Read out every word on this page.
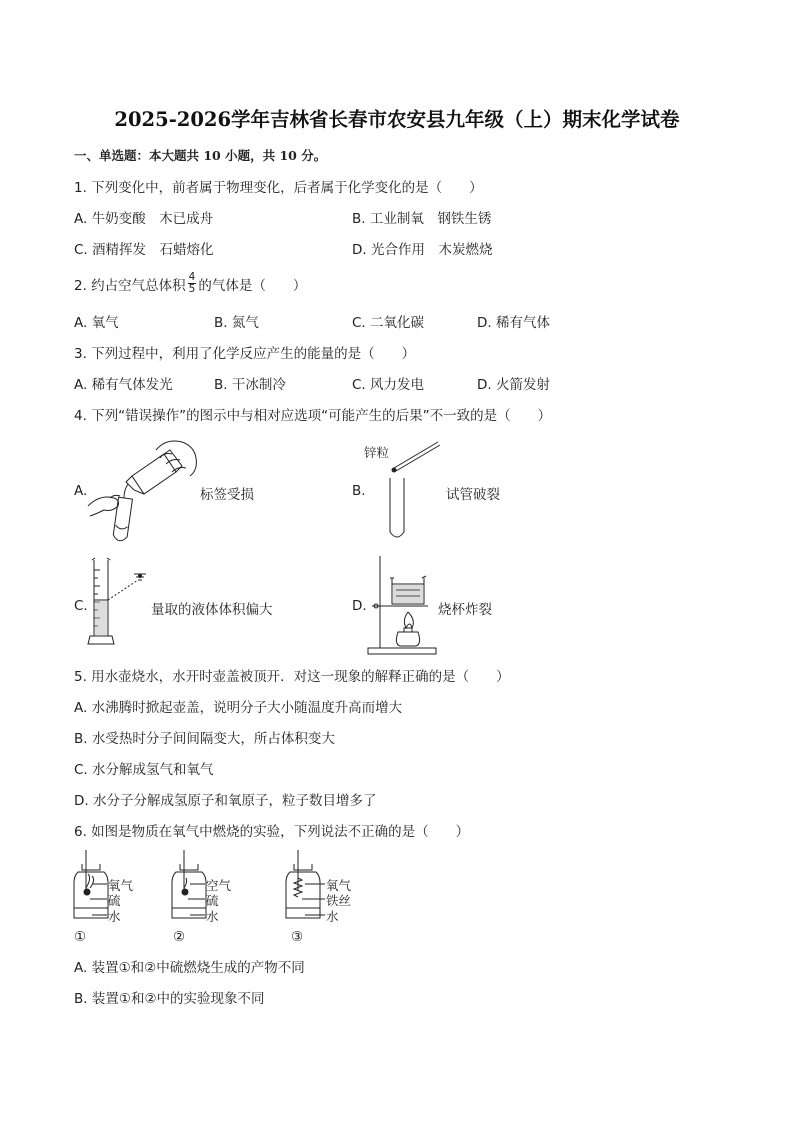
2025-2026学年吉林省长春市农安县九年级（上）期末化学试卷
一、单选题：本大题共 10 小题，共 10 分。
1. 下列变化中，前者属于物理变化，后者属于化学变化的是（　　）
A. 牛奶变酸　木已成舟	B. 工业制氧　钢铁生锈
C. 酒精挥发　石蜡熔化	D. 光合作用　木炭燃烧
2. 约占空气总体积 $\frac{4}{5}$ 的气体是（　　）
A. 氧气	B. 氮气	C. 二氧化碳	D. 稀有气体
3. 下列过程中，利用了化学反应产生的能量的是（　　）
A. 稀有气体发光	B. 干冰制冷	C. 风力发电	D. 火箭发射
4. 下列“错误操作”的图示中与相对应选项“可能产生的后果”不一致的是（　　）
A.	标签受损	B.
锌粒
试管破裂
C.	量取的液体体积偏大	D.	烧杯炸裂
5. 用水壶烧水，水开时壶盖被顶开．对这一现象的解释正确的是（　　）
A. 水沸腾时掀起壶盖，说明分子大小随温度升高而增大
B. 水受热时分子间间隔变大，所占体积变大
C. 水分解成氢气和氧气
D. 水分子分解成氢原子和氧原子，粒子数目增多了
6. 如图是物质在氧气中燃烧的实验，下列说法不正确的是（　　）
氧气
硫
水
①
空气
硫
水
②
氧气
铁丝
水
③
A. 装置①和②中硫燃烧生成的产物不同
B. 装置①和②中的实验现象不同
